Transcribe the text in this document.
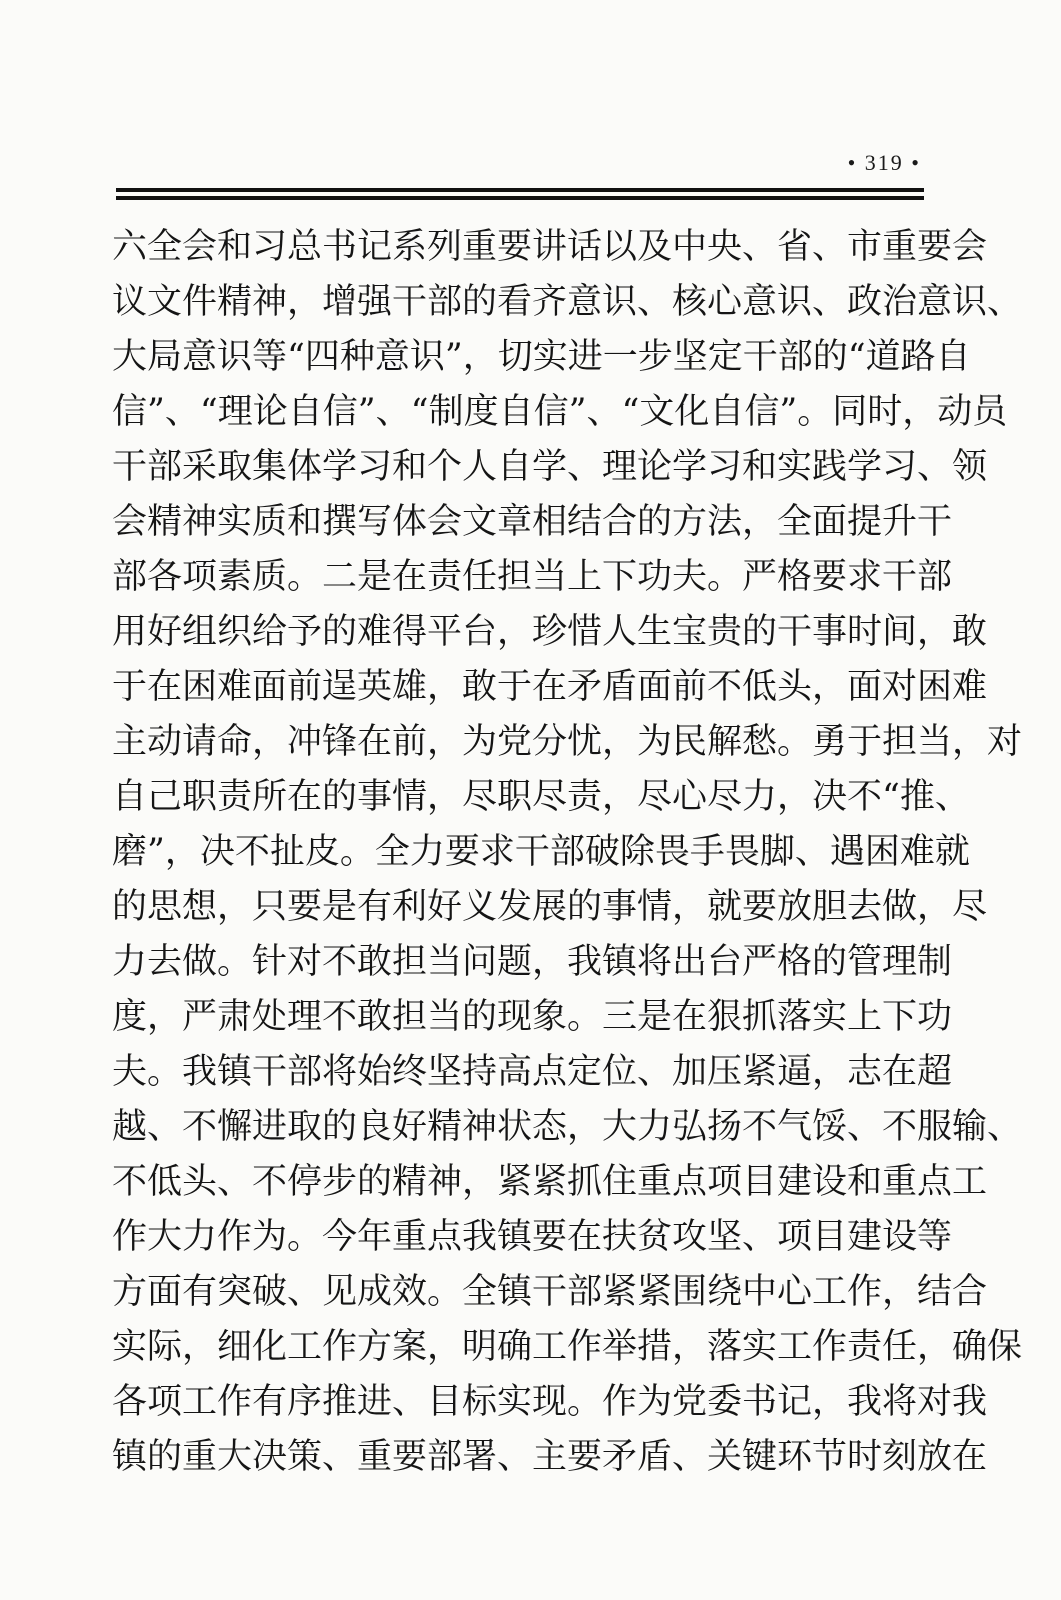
• 319 •
六全会和习总书记系列重要讲话以及中央、省、市重要会
议文件精神，增强干部的看齐意识、核心意识、政治意识、
大局意识等“四种意识”，切实进一步坚定干部的“道路自
信”、“理论自信”、“制度自信”、“文化自信”。同时，动员
干部采取集体学习和个人自学、理论学习和实践学习、领
会精神实质和撰写体会文章相结合的方法，全面提升干
部各项素质。二是在责任担当上下功夫。严格要求干部
用好组织给予的难得平台，珍惜人生宝贵的干事时间，敢
于在困难面前逞英雄，敢于在矛盾面前不低头，面对困难
主动请命，冲锋在前，为党分忧，为民解愁。勇于担当，对
自己职责所在的事情，尽职尽责，尽心尽力，决不“推、
磨”，决不扯皮。全力要求干部破除畏手畏脚、遇困难就
的思想，只要是有利好义发展的事情，就要放胆去做，尽
力去做。针对不敢担当问题，我镇将出台严格的管理制
度，严肃处理不敢担当的现象。三是在狠抓落实上下功
夫。我镇干部将始终坚持高点定位、加压紧逼，志在超
越、不懈进取的良好精神状态，大力弘扬不气馁、不服输、
不低头、不停步的精神，紧紧抓住重点项目建设和重点工
作大力作为。今年重点我镇要在扶贫攻坚、项目建设等
方面有突破、见成效。全镇干部紧紧围绕中心工作，结合
实际，细化工作方案，明确工作举措，落实工作责任，确保
各项工作有序推进、目标实现。作为党委书记，我将对我
镇的重大决策、重要部署、主要矛盾、关键环节时刻放在
